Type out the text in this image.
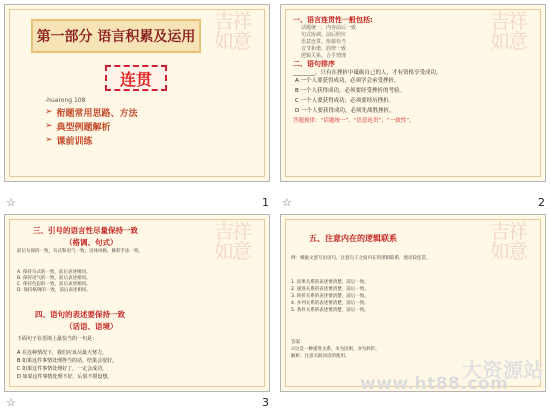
吉祥
如意
第一部分 语言积累及运用
连贯
-huarong 108
➢ 衔题常用思路、方法
➢ 典型例题解析
➢ 课前训练
☆	1
吉祥
如意
一、语言连贯性一般包括:
话题统一、内容前后一致
句式协调、前后照应
语意连贯、衔接恰当
音节和谐、韵律一致
逻辑关系、合乎情理
二、语句排序
________，只有在挫折中砥砺自己的人，才有资格享受成功。
A 一个人要获得成功，必须学会承受挫折。
B 一个人获得成功，必须要经受挫折的考验。
C 一个人要获得成功，必须要经历挫折。
D 一个人要获得成功，必须先战胜挫折。
答题规律：“话题统一”、“语意连贯”、“一致性”。
☆	2
吉祥
如意
三、引号的语言性尽量保持一致
（格调、句式）
前后句保持一致，句式和语气一致，语体风格、修辞手法一致。
A. 保持句式的一致，前后表述相同。
B. 保持语气的一致，前后表述相同。
C. 保持色彩的一致，前后表述相同。
D. 保持格调的一致，前后表述相同。
四、语句的表述要保持一致
（话语、语境）
下面句子在语境上最恰当的一句是：
A 在这种情况下，我们应该尽最大努力。
B 如果这件事情处理得当的话，结果会很好。
C 如果这件事情处理好了，一定会成功。
D 如果这件事情处理不好，后果不堪设想。
☆	3
吉祥
如意
五、注意内在的逻辑联系
例：根据文意写出语句，注意句子之间内在的逻辑联系，使语段连贯。
1. 因果关系的表述要清楚，前后一致。
2. 递进关系的表述要清楚，前后一致。
3. 转折关系的表述要清楚，前后一致。
4. 并列关系的表述要清楚，前后一致。
5. 条件关系的表述要清楚，前后一致。
答案：
①这是一种递进关系，②为因果，③为转折。
解析：注意关联词语的使用。
大资源站
www.ht88.com
